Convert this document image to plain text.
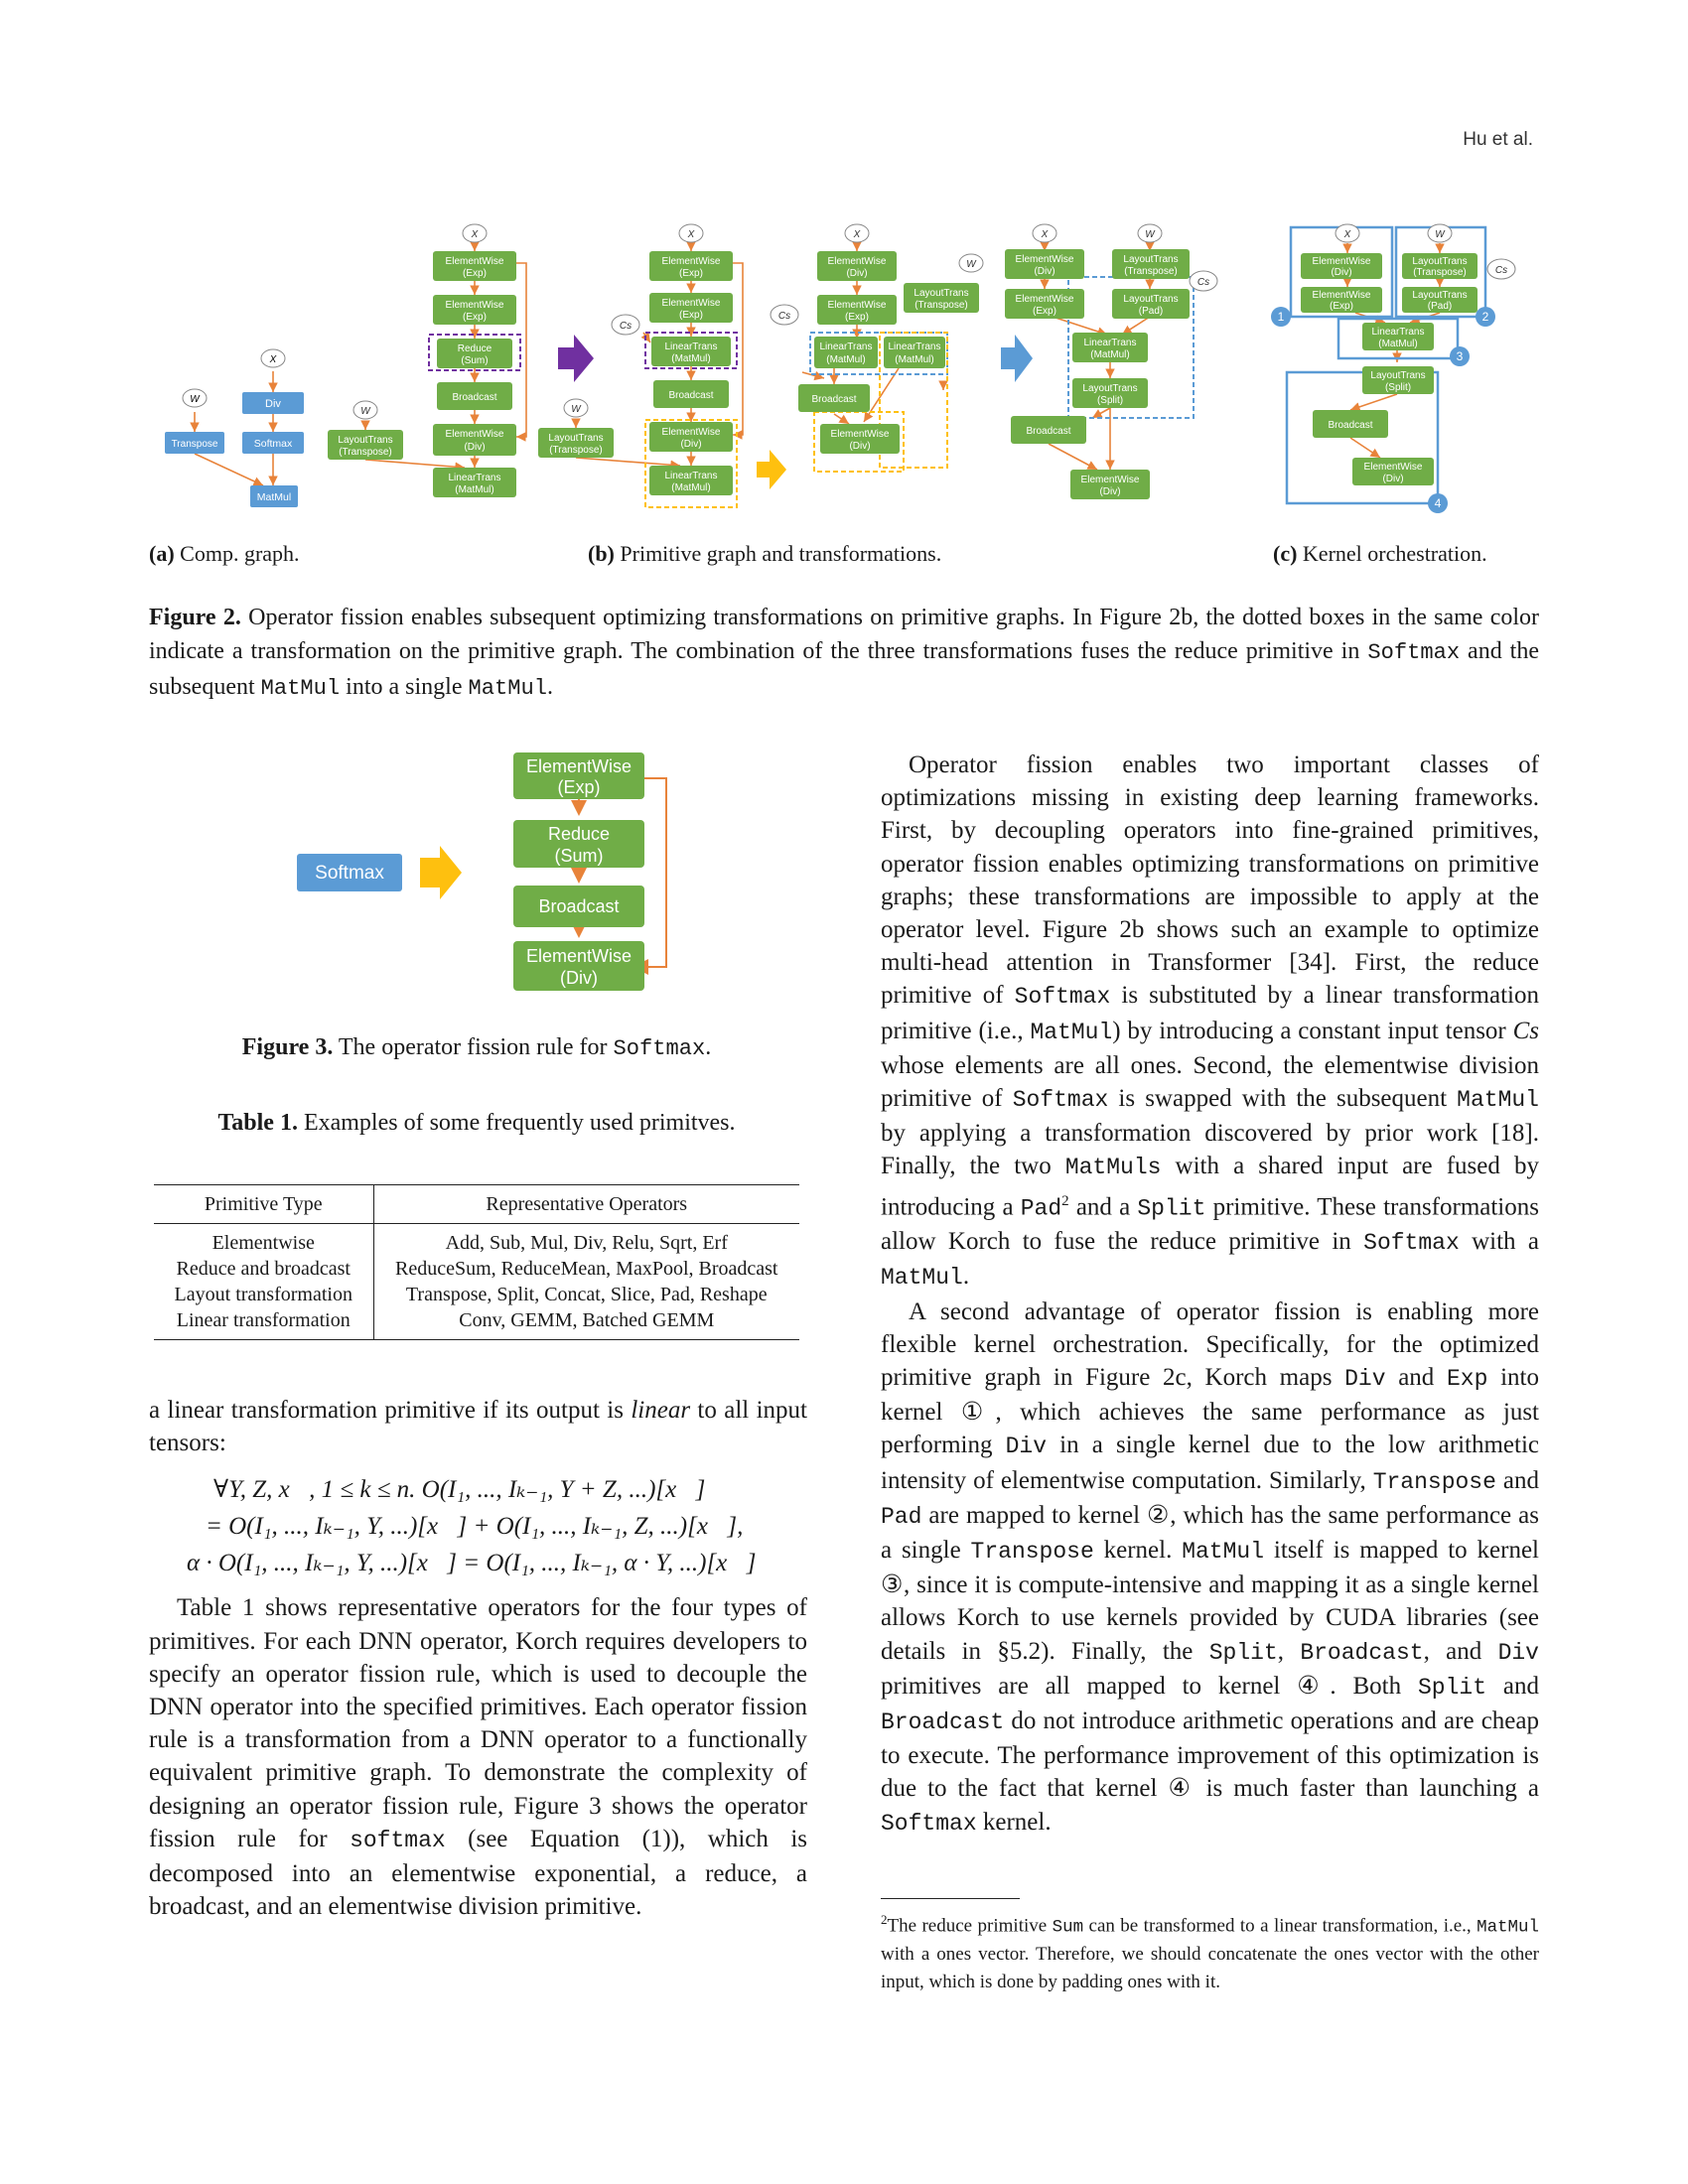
Hu et al.
W
X
Div
Transpose	Softmax
MatMul
X
ElementWise
(Exp)
ElementWise
(Exp)
Reduce
(Sum)
Broadcast
ElementWise
(Div)
LinearTrans
(MatMul)
W
LayoutTrans
(Transpose)
X
ElementWise
(Exp)
ElementWise
(Exp)
LinearTrans
(MatMul)
Broadcast
ElementWise
(Div)
LinearTrans
(MatMul)
Cs
W
LayoutTrans
(Transpose)
X
ElementWise
(Div)
ElementWise
(Exp)
W
LayoutTrans
(Transpose)
Cs
LinearTrans
(MatMul)
LinearTrans
(MatMul)
Broadcast
ElementWise
(Div)
X	W
ElementWise
(Div)
LayoutTrans
(Transpose)
Cs
ElementWise
(Exp)
LayoutTrans
(Pad)
LinearTrans
(MatMul)
LayoutTrans
(Split)
Broadcast
ElementWise
(Div)
X	W
ElementWise
(Div)
LayoutTrans
(Transpose)	Cs
ElementWise
(Exp)
LayoutTrans
(Pad)
LinearTrans
(MatMul)
LayoutTrans
(Split)
Broadcast
ElementWise
(Div)
1	2
3
4
(a) Comp. graph.	(b) Primitive graph and transformations.	(c) Kernel orchestration.
Figure 2. Operator fission enables subsequent optimizing transformations on primitive graphs. In Figure 2b, the dotted boxes in the same color indicate a transformation on the primitive graph. The combination of the three transformations fuses the reduce primitive in Softmax and the subsequent MatMul into a single MatMul.
Softmax
ElementWise
(Exp)
Reduce
(Sum)
Broadcast
ElementWise
(Div)
Figure 3. The operator fission rule for Softmax.
Table 1. Examples of some frequently used primitves.
Primitive Type	Representative Operators
Elementwise	Add, Sub, Mul, Div, Relu, Sqrt, Erf
Reduce and broadcast	ReduceSum, ReduceMean, MaxPool, Broadcast
Layout transformation	Transpose, Split, Concat, Slice, Pad, Reshape
Linear transformation	Conv, GEMM, Batched GEMM

a linear transformation primitive if its output is linear to all input tensors:

∀Y, Z, x⃗, 1 ≤ k ≤ n. O(I₁, ..., Iₖ₋₁, Y + Z, ...)[x⃗]
= O(I₁, ..., Iₖ₋₁, Y, ...)[x⃗] + O(I₁, ..., Iₖ₋₁, Z, ...)[x⃗],
α · O(I₁, ..., Iₖ₋₁, Y, ...)[x⃗] = O(I₁, ..., Iₖ₋₁, α · Y, ...)[x⃗]

Table 1 shows representative operators for the four types of primitives. For each DNN operator, Korch requires developers to specify an operator fission rule, which is used to decouple the DNN operator into the specified primitives. Each operator fission rule is a transformation from a DNN operator to a functionally equivalent primitive graph. To demonstrate the complexity of designing an operator fission rule, Figure 3 shows the operator fission rule for softmax (see Equation (1)), which is decomposed into an elementwise exponential, a reduce, a broadcast, and an elementwise division primitive.

Operator fission enables two important classes of optimizations missing in existing deep learning frameworks. First, by decoupling operators into fine-grained primitives, operator fission enables optimizing transformations on primitive graphs; these transformations are impossible to apply at the operator level. Figure 2b shows such an example to optimize multi-head attention in Transformer [34]. First, the reduce primitive of Softmax is substituted by a linear transformation primitive (i.e., MatMul) by introducing a constant input tensor Cs whose elements are all ones. Second, the elementwise division primitive of Softmax is swapped with the subsequent MatMul by applying a transformation discovered by prior work [18]. Finally, the two MatMuls with a shared input are fused by introducing a Pad$^2$ and a Split primitive. These transformations allow Korch to fuse the reduce primitive in Softmax with a MatMul.

A second advantage of operator fission is enabling more flexible kernel orchestration. Specifically, for the optimized primitive graph in Figure 2c, Korch maps Div and Exp into kernel ①, which achieves the same performance as just performing Div in a single kernel due to the low arithmetic intensity of elementwise computation. Similarly, Transpose and Pad are mapped to kernel ②, which has the same performance as a single Transpose kernel. MatMul itself is mapped to kernel ③, since it is compute-intensive and mapping it as a single kernel allows Korch to use kernels provided by CUDA libraries (see details in §5.2). Finally, the Split, Broadcast, and Div primitives are all mapped to kernel ④. Both Split and Broadcast do not introduce arithmetic operations and are cheap to execute. The performance improvement of this optimization is due to the fact that kernel ④ is much faster than launching a Softmax kernel.

$^2$The reduce primitive Sum can be transformed to a linear transformation, i.e., MatMul with a ones vector. Therefore, we should concatenate the ones vector with the other input, which is done by padding ones with it.
